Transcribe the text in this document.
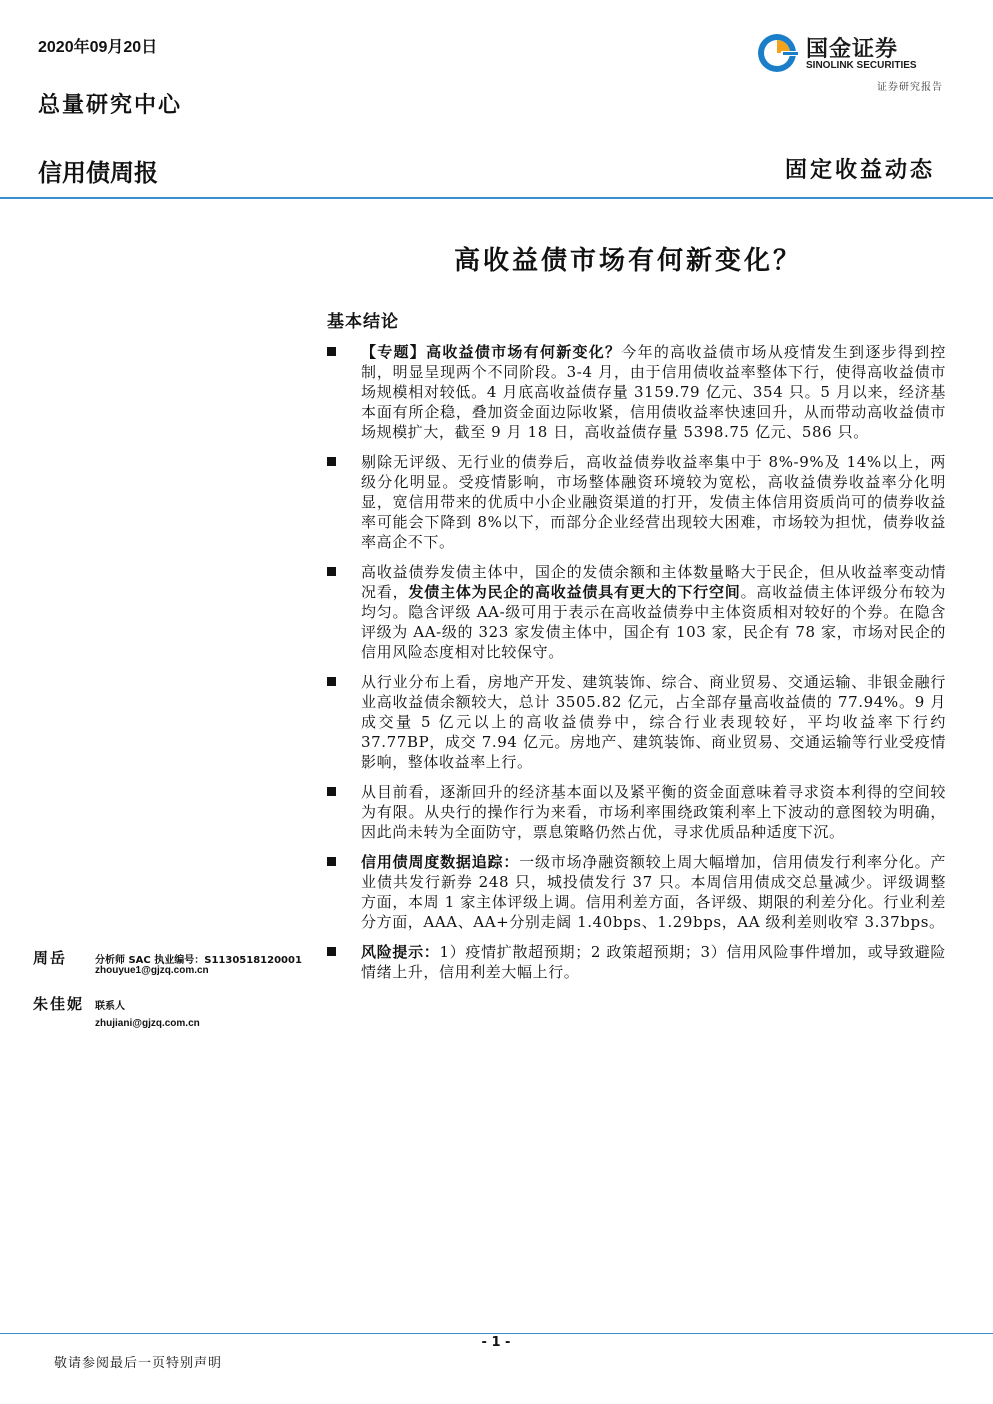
2020年09月20日
总量研究中心
信用债周报	固定收益动态
国金证券
SINOLINK SECURITIES
证券研究报告
高收益债市场有何新变化？
基本结论
【专题】高收益债市场有何新变化？今年的高收益债市场从疫情发生到逐步得到控制，明显呈现两个不同阶段。3-4 月，由于信用债收益率整体下行，使得高收益债市场规模相对较低。4 月底高收益债存量 3159.79 亿元、354 只。5 月以来，经济基本面有所企稳，叠加资金面边际收紧，信用债收益率快速回升，从而带动高收益债市场规模扩大，截至 9 月 18 日，高收益债存量 5398.75 亿元、586 只。
剔除无评级、无行业的债券后，高收益债券收益率集中于 8%-9%及 14%以上，两级分化明显。受疫情影响，市场整体融资环境较为宽松，高收益债券收益率分化明显，宽信用带来的优质中小企业融资渠道的打开，发债主体信用资质尚可的债券收益率可能会下降到 8%以下，而部分企业经营出现较大困难，市场较为担忧，债券收益率高企不下。
高收益债券发债主体中，国企的发债余额和主体数量略大于民企，但从收益率变动情况看，发债主体为民企的高收益债具有更大的下行空间。高收益债主体评级分布较为均匀。隐含评级 AA-级可用于表示在高收益债券中主体资质相对较好的个券。在隐含评级为 AA-级的 323 家发债主体中，国企有 103 家，民企有 78 家，市场对民企的信用风险态度相对比较保守。
从行业分布上看，房地产开发、建筑装饰、综合、商业贸易、交通运输、非银金融行业高收益债余额较大，总计 3505.82 亿元，占全部存量高收益债的 77.94%。9 月成交量 5 亿元以上的高收益债券中，综合行业表现较好，平均收益率下行约 37.77BP，成交 7.94 亿元。房地产、建筑装饰、商业贸易、交通运输等行业受疫情影响，整体收益率上行。
从目前看，逐渐回升的经济基本面以及紧平衡的资金面意味着寻求资本利得的空间较为有限。从央行的操作行为来看，市场利率围绕政策利率上下波动的意图较为明确，因此尚未转为全面防守，票息策略仍然占优，寻求优质品种适度下沉。
信用债周度数据追踪：一级市场净融资额较上周大幅增加，信用债发行利率分化。产业债共发行新券 248 只，城投债发行 37 只。本周信用债成交总量减少。评级调整方面，本周 1 家主体评级上调。信用利差方面，各评级、期限的利差分化。行业利差分方面，AAA、AA+分别走阔 1.40bps、1.29bps，AA 级利差则收窄 3.37bps。
风险提示：1）疫情扩散超预期；2 政策超预期；3）信用风险事件增加，或导致避险情绪上升，信用利差大幅上行。
周岳	分析师 SAC 执业编号：S1130518120001
zhouyue1@gjzq.com.cn
朱佳妮 联系人
zhujiani@gjzq.com.cn
- 1 -
敬请参阅最后一页特别声明
